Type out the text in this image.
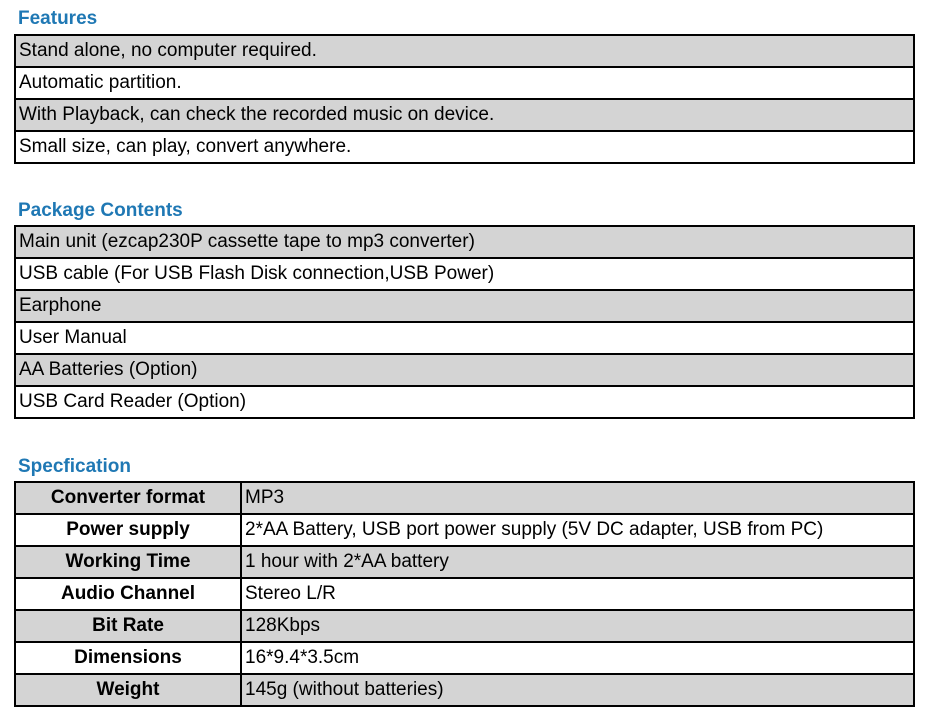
Features
Stand alone, no computer required.
Automatic partition.
With Playback, can check the recorded music on device.
Small size, can play, convert anywhere.
Package Contents
Main unit (ezcap230P cassette tape to mp3 converter)
USB cable (For USB Flash Disk connection,USB Power)
Earphone
User Manual
AA Batteries (Option)
USB Card Reader (Option)
Specfication
Converter format	MP3
Power supply	2*AA Battery, USB port power supply (5V DC adapter, USB from PC)
Working Time	1 hour with 2*AA battery
Audio Channel	Stereo L/R
Bit Rate	128Kbps
Dimensions	16*9.4*3.5cm
Weight	145g (without batteries)
